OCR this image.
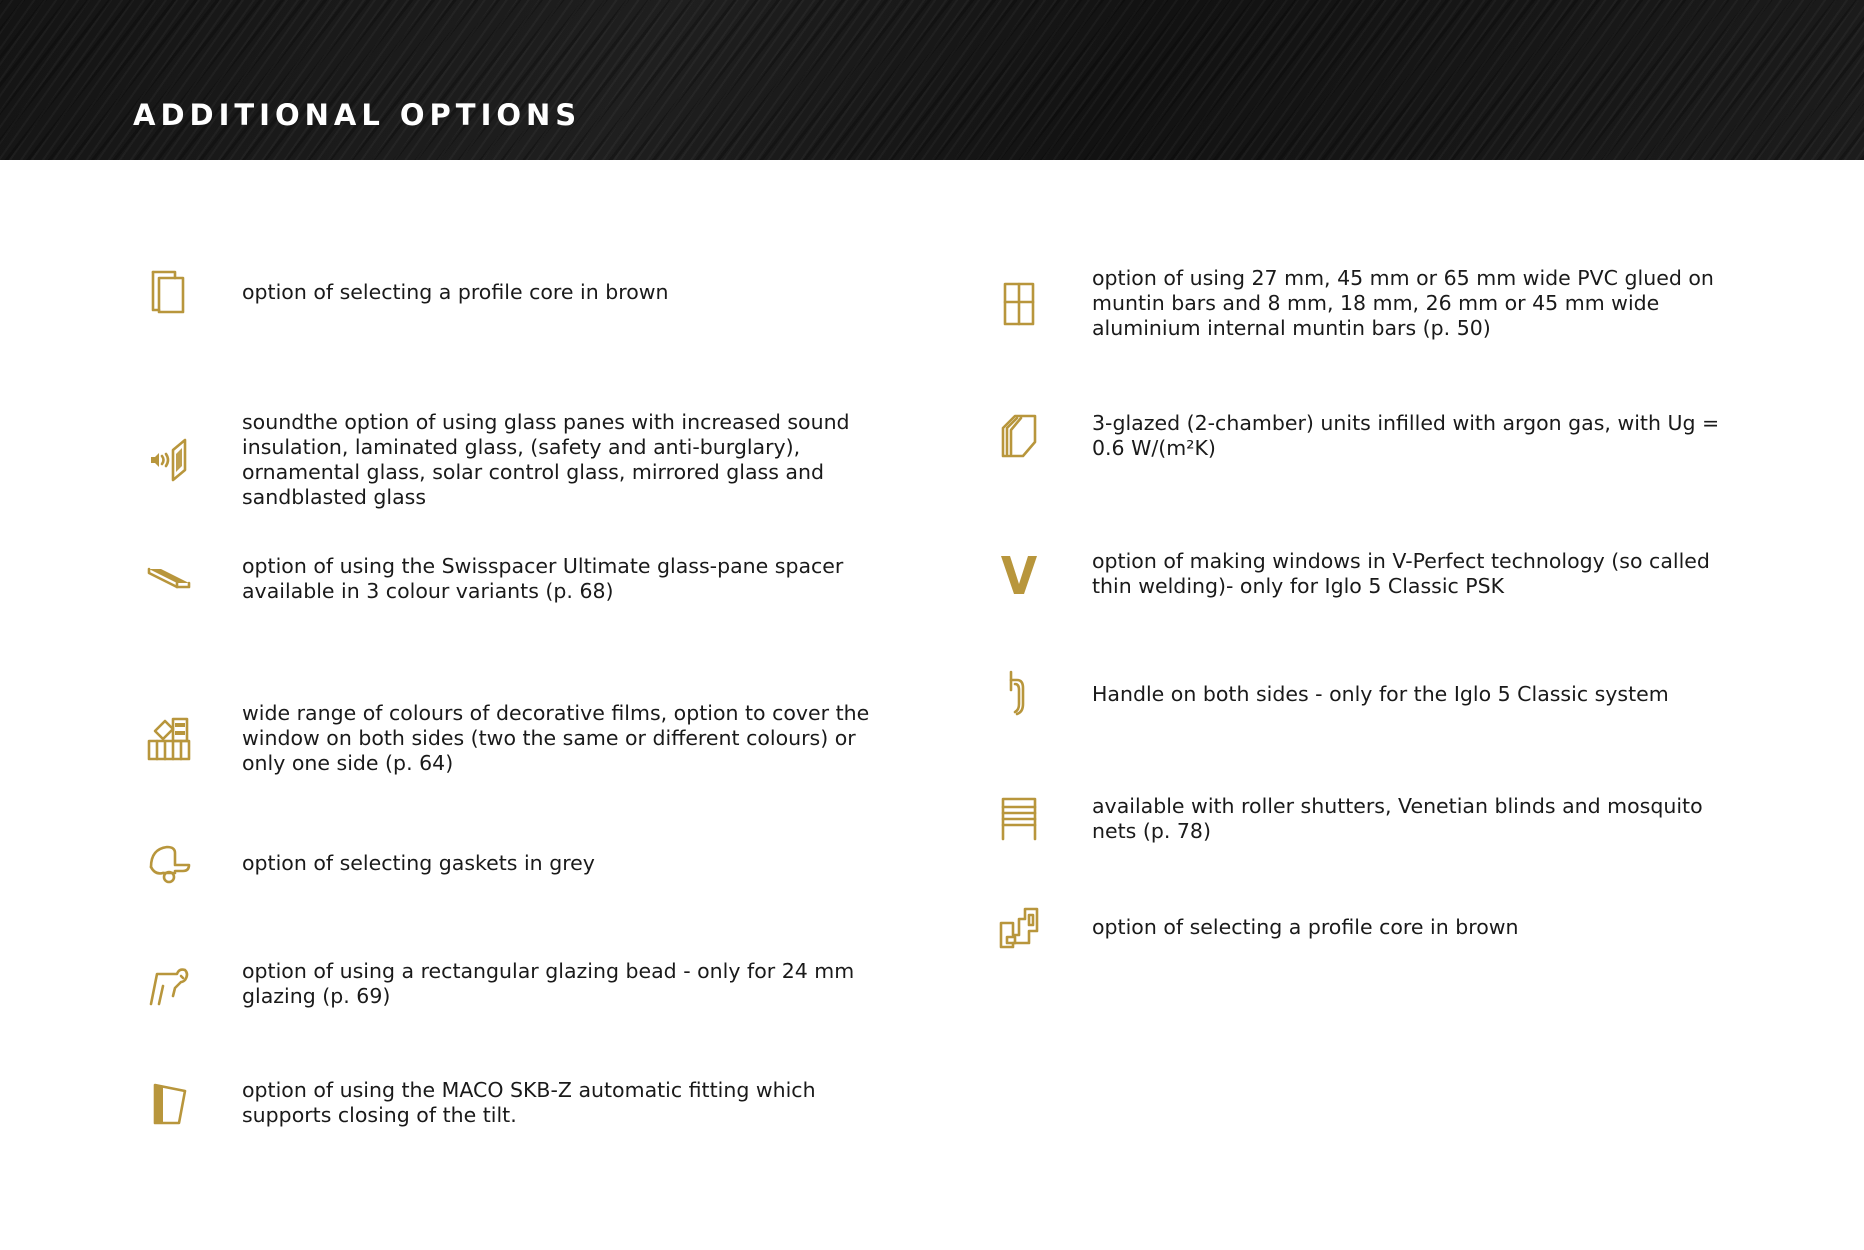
ADDITIONAL OPTIONS
option of selecting a profile core in brown
soundthe option of using glass panes with increased sound insulation, laminated glass, (safety and anti-burglary), ornamental glass, solar control glass, mirrored glass and sandblasted glass
option of using the Swisspacer Ultimate glass-pane spacer available in 3 colour variants (p. 68)
wide range of colours of decorative films, option to cover the window on both sides (two the same or different colours) or only one side (p. 64)
option of selecting gaskets in grey
option of using a rectangular glazing bead - only for 24 mm glazing (p. 69)
option of using the MACO SKB-Z automatic fitting which supports closing of the tilt.
option of using 27 mm, 45 mm or 65 mm wide PVC glued on muntin bars and 8 mm, 18 mm, 26 mm or 45 mm wide aluminium internal muntin bars (p. 50)
3-glazed (2-chamber) units infilled with argon gas, with Ug = 0.6 W/(m²K)
option of making windows in V-Perfect technology (so called thin welding)- only for Iglo 5 Classic PSK
Handle on both sides - only for the Iglo 5 Classic system
available with roller shutters, Venetian blinds and mosquito nets (p. 78)
option of selecting a profile core in brown
